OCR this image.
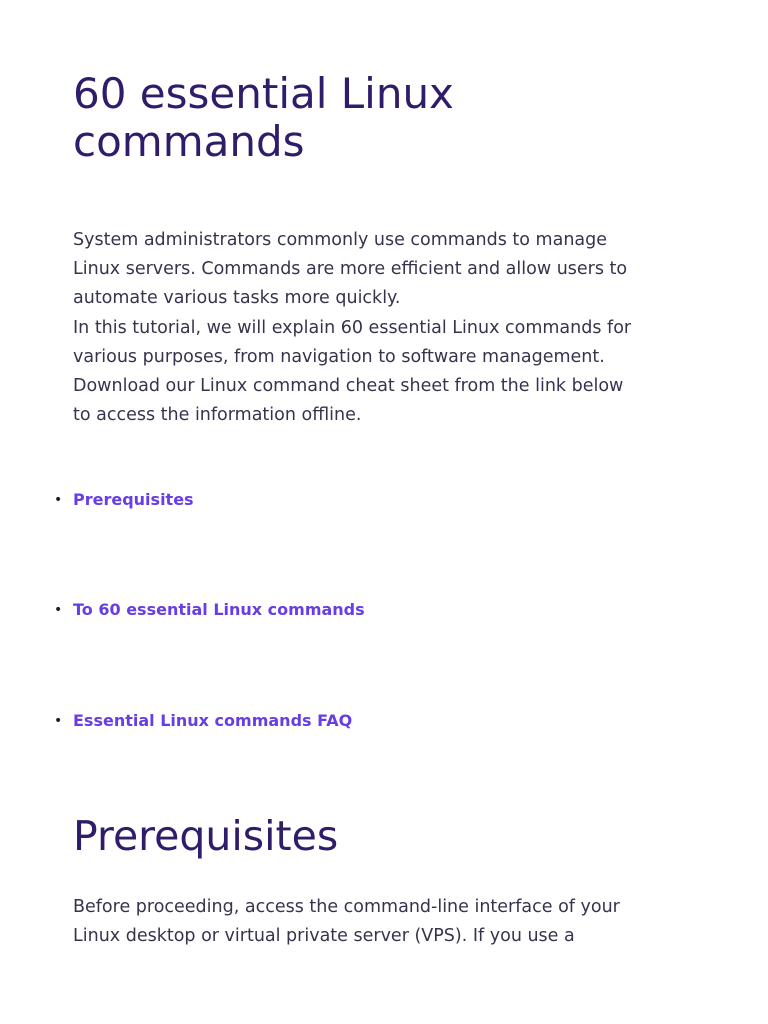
60 essential Linux
commands

System administrators commonly use commands to manage

Linux servers. Commands are more efficient and allow users to

automate various tasks more quickly.

In this tutorial, we will explain 60 essential Linux commands for

various purposes, from navigation to software management.

Download our Linux command cheat sheet from the link below

to access the information offline.

• Prerequisites
• To 60 essential Linux commands
• Essential Linux commands FAQ
Prerequisites

Before proceeding, access the command-line interface of your

Linux desktop or virtual private server (VPS). If you use a
